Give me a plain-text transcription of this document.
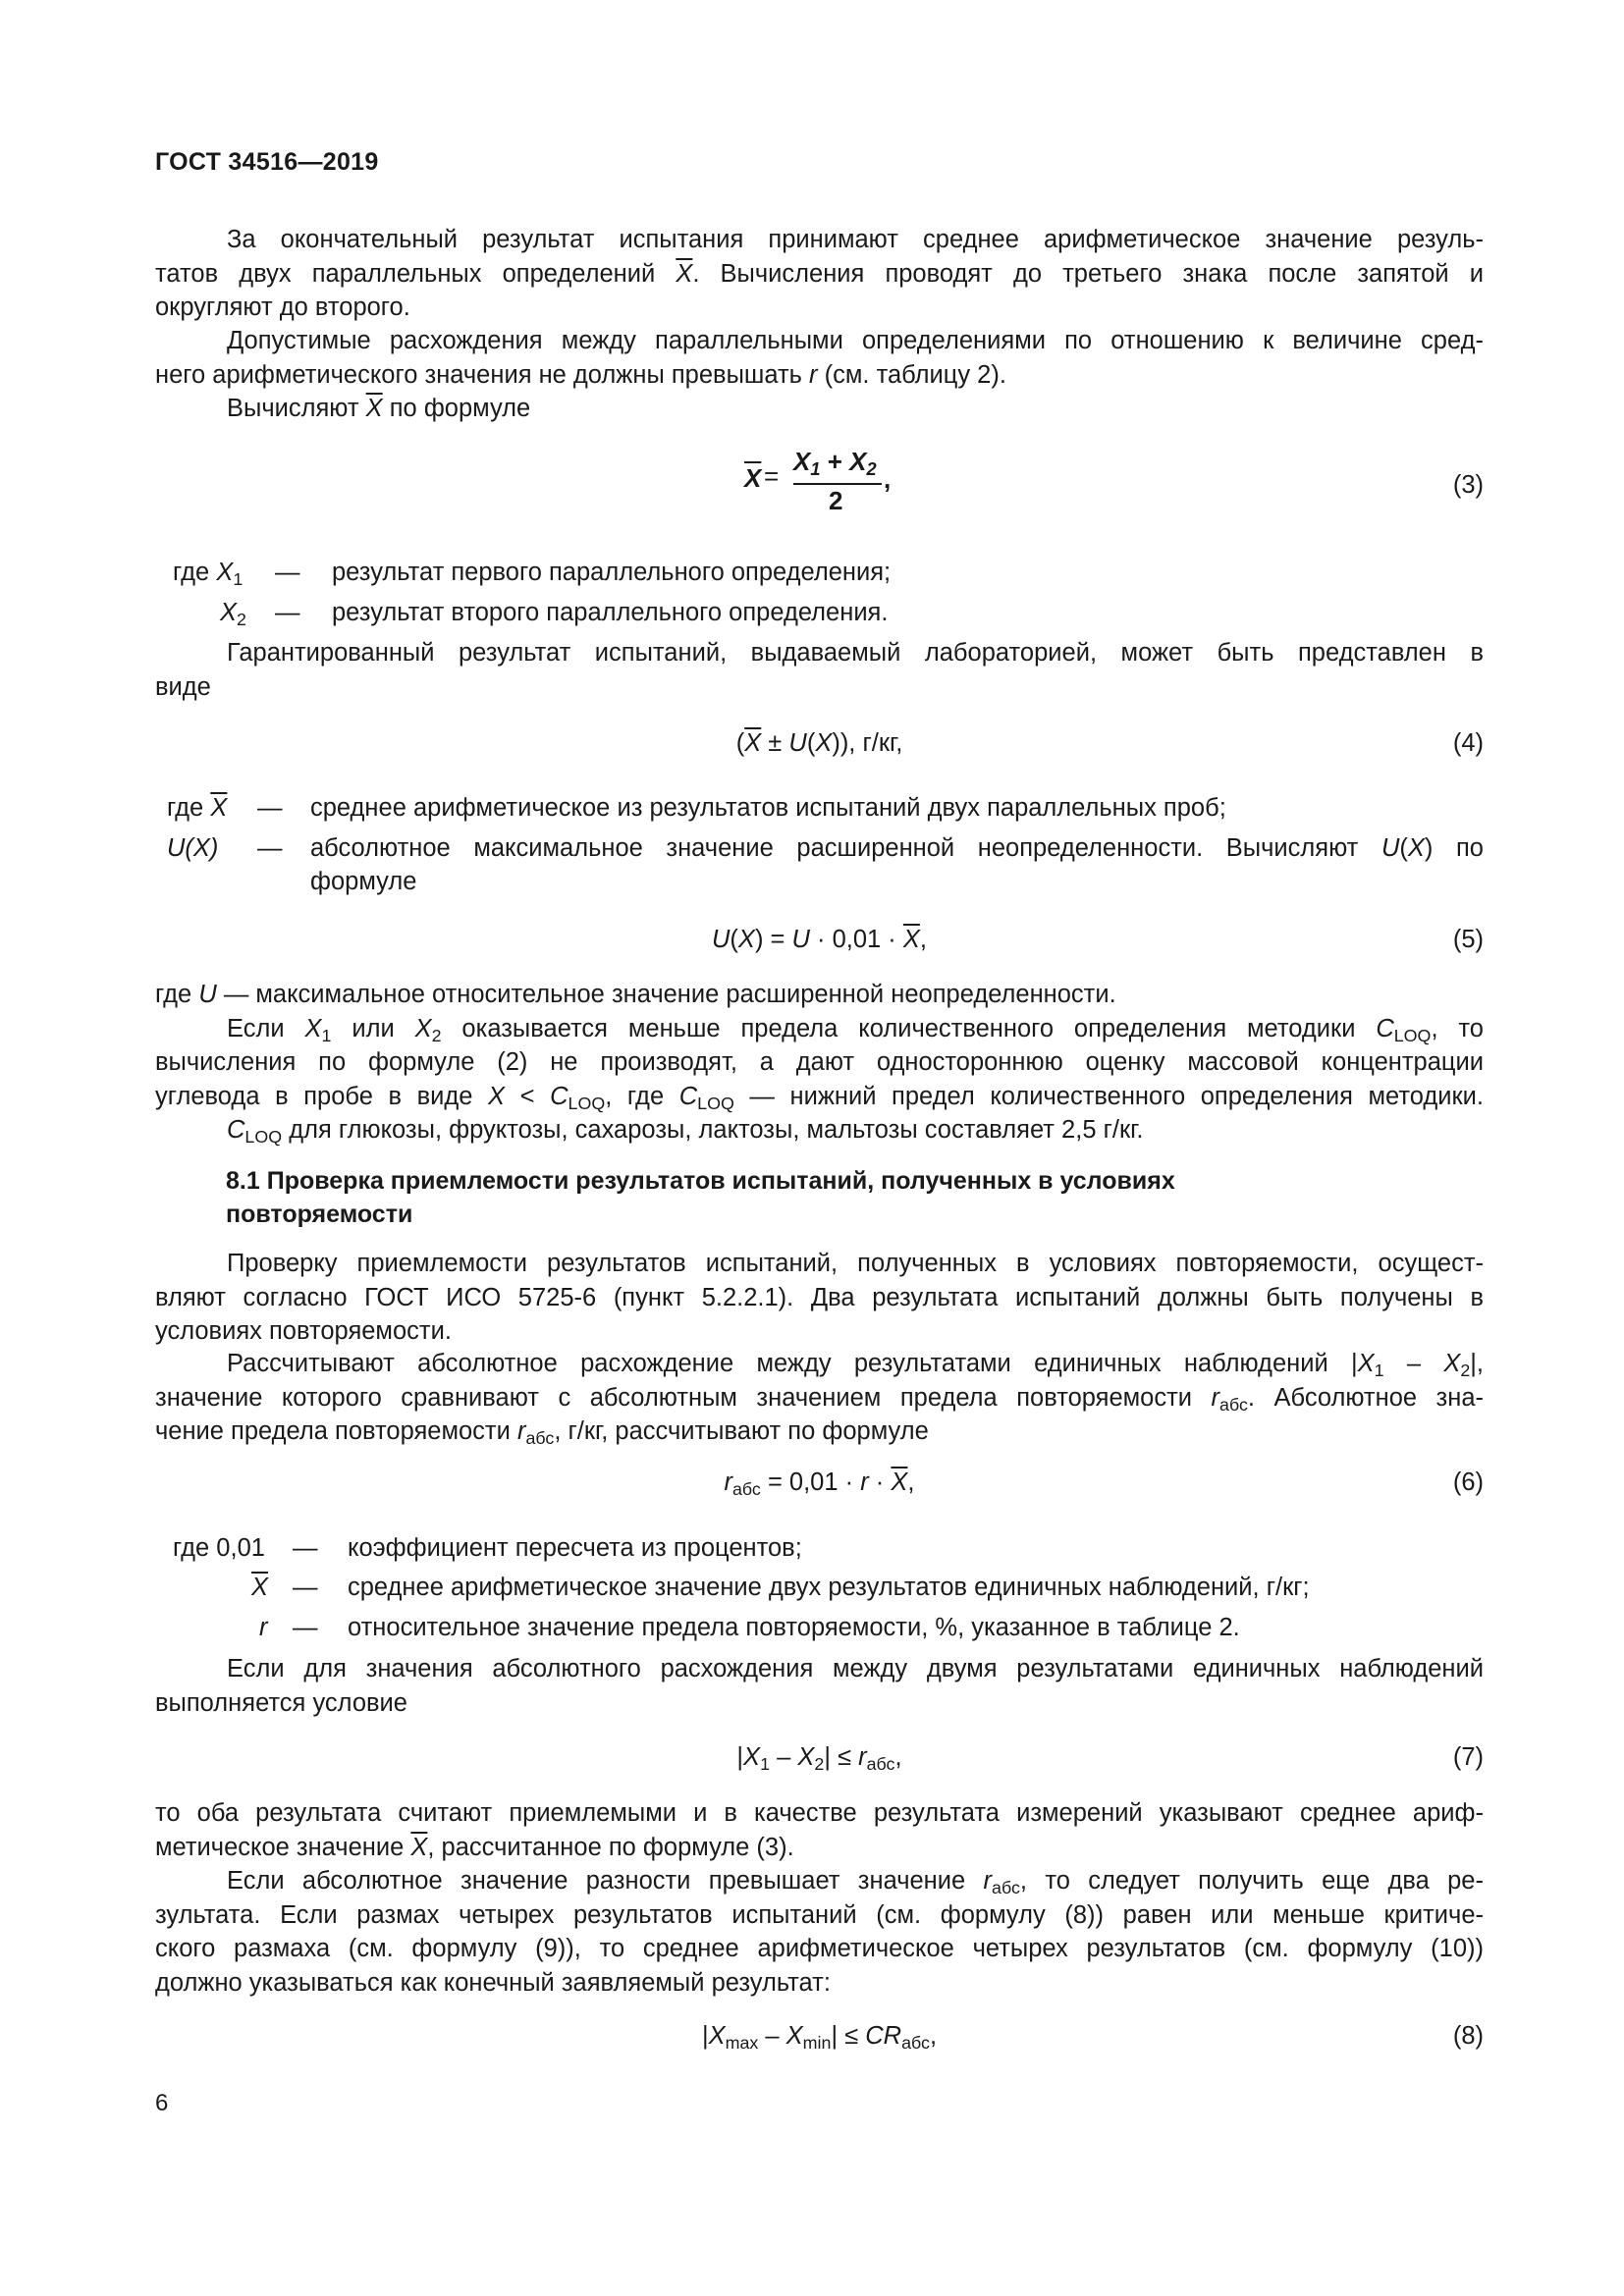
ГОСТ 34516—2019
За окончательный результат испытания принимают среднее арифметическое значение резуль-
татов двух параллельных определений $\overline{X}$. Вычисления проводят до третьего знака после запятой и
округляют до второго.
Допустимые расхождения между параллельными определениями по отношению к величине сред-
него арифметического значения не должны превышать r (см. таблицу 2).
Вычисляют $\overline{X}$ по формуле
$\overline{X} = X_1 + X_2$
2
,	(3)
где $X_1$ — результат первого параллельного определения;
$X_2$ — результат второго параллельного определения.
Гарантированный результат испытаний, выдаваемый лабораторией, может быть представлен в
виде
$(\overline{X} \pm U(X))$, г/кг,	(4)
где $\overline{X}$ — среднее арифметическое из результатов испытаний двух параллельных проб;
U(X) — абсолютное максимальное значение расширенной неопределенности. Вычисляют U(X) по
формуле
$U(X) = U \cdot 0,01 \cdot \overline{X}$,	(5)
где U — максимальное относительное значение расширенной неопределенности.
Если $X_1$ или $X_2$ оказывается меньше предела количественного определения методики $C_{LOQ}$, то
вычисления по формуле (2) не производят, а дают одностороннюю оценку массовой концентрации
углевода в пробе в виде $X < C_{LOQ}$, где $C_{LOQ}$ — нижний предел количественного определения методики.
$C_{LOQ}$ для глюкозы, фруктозы, сахарозы, лактозы, мальтозы составляет 2,5 г/кг.
8.1 Проверка приемлемости результатов испытаний, полученных в условиях
повторяемости
Проверку приемлемости результатов испытаний, полученных в условиях повторяемости, осущест-
вляют согласно ГОСТ ИСО 5725-6 (пункт 5.2.2.1). Два результата испытаний должны быть получены в
условиях повторяемости.
Рассчитывают абсолютное расхождение между результатами единичных наблюдений $|X_1 - X_2|$,
значение которого сравнивают с абсолютным значением предела повторяемости $r_{абс}$. Абсолютное зна-
чение предела повторяемости $r_{абс}$, г/кг, рассчитывают по формуле
$r_{абс} = 0,01 \cdot r \cdot \overline{X}$,	(6)
где 0,01 — коэффициент пересчета из процентов;
$\overline{X}$ — среднее арифметическое значение двух результатов единичных наблюдений, г/кг;
r — относительное значение предела повторяемости, %, указанное в таблице 2.
Если для значения абсолютного расхождения между двумя результатами единичных наблюдений
выполняется условие
$|X_1 - X_2| \le r_{абс}$,	(7)
то оба результата считают приемлемыми и в качестве результата измерений указывают среднее ариф-
метическое значение $\overline{X}$, рассчитанное по формуле (3).
Если абсолютное значение разности превышает значение $r_{абс}$, то следует получить еще два ре-
зультата. Если размах четырех результатов испытаний (см. формулу (8)) равен или меньше критиче-
ского размаха (см. формулу (9)), то среднее арифметическое четырех результатов (см. формулу (10))
должно указываться как конечный заявляемый результат:
$|X_{max} - X_{min}| \le CR_{абс}$,	(8)
6
